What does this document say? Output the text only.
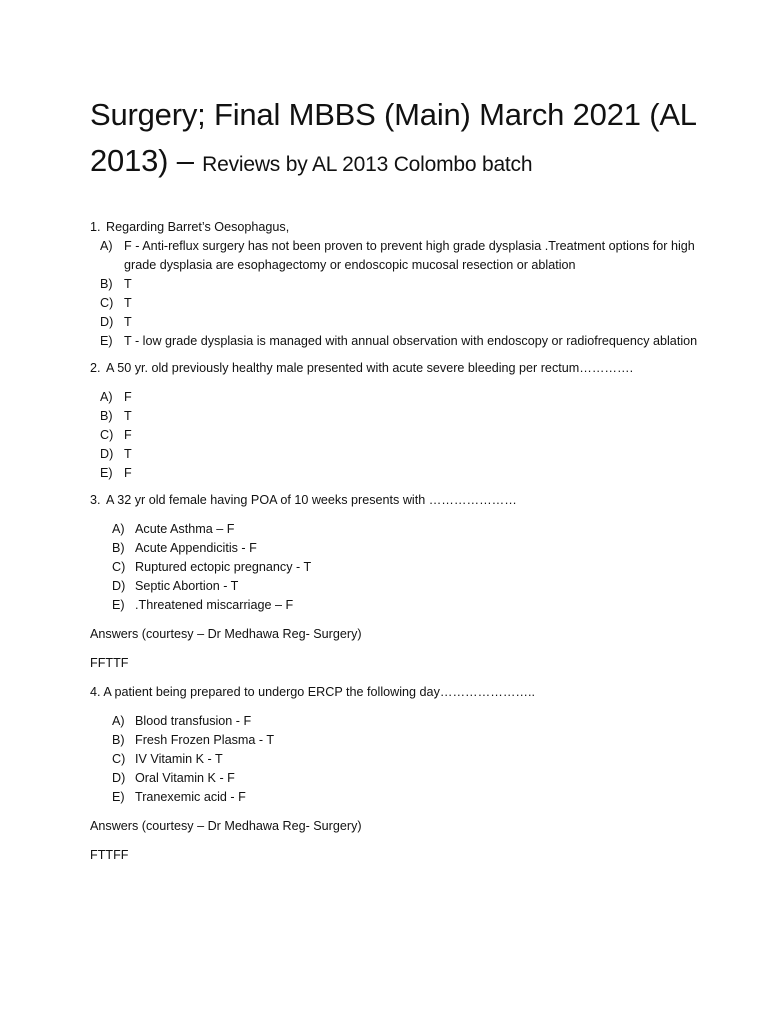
Surgery; Final MBBS (Main) March 2021 (AL 2013) – Reviews by AL 2013 Colombo batch

1. Regarding Barret’s Oesophagus,

A) F - Anti-reflux surgery has not been proven to prevent high grade dysplasia .Treatment options for high grade dysplasia are esophagectomy or endoscopic mucosal resection or ablation
B) T
C) T
D) T
E) T - low grade dysplasia is managed with annual observation with endoscopy or radiofrequency ablation

2. A 50 yr. old previously healthy male presented with acute severe bleeding per rectum………….

A) F
B) T
C) F
D) T
E) F

3. A 32 yr old female having POA of 10 weeks presents with …………………

A) Acute Asthma – F
B) Acute Appendicitis - F
C) Ruptured ectopic pregnancy - T
D) Septic Abortion - T
E) .Threatened miscarriage – F

Answers (courtesy – Dr Medhawa Reg- Surgery)

FFTTF

4. A patient being prepared to undergo ERCP the following day…………………..

A) Blood transfusion - F
B) Fresh Frozen Plasma - T
C) IV Vitamin K - T
D) Oral Vitamin K - F
E) Tranexemic acid - F

Answers (courtesy – Dr Medhawa Reg- Surgery)

FTTFF
